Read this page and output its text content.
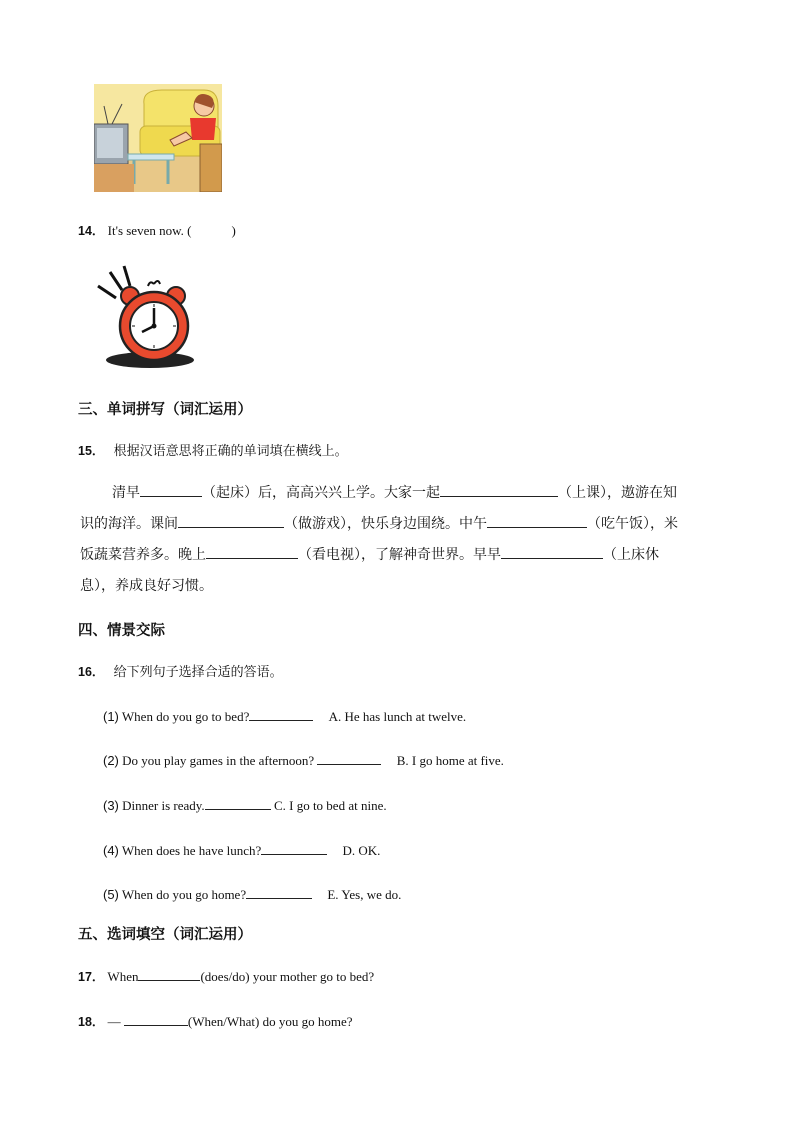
14． It's seven now. (	)
三、单词拼写（词汇运用）
15． 根据汉语意思将正确的单词填在横线上。
清早	（起床）后，高高兴兴上学。大家一起	（上课），遨游在知识的海洋。课间	（做游戏），快乐身边围绕。中午	（吃午饭），米饭蔬菜营养多。晚上	（看电视），了解神奇世界。早早	（上床休息），养成良好习惯。
四、情景交际
16． 给下列句子选择合适的答语。
(1) When do you go to bed?	A. He has lunch at twelve.
(2) Do you play games in the afternoon?	B. I go home at five.
(3) Dinner is ready.	C. I go to bed at nine.
(4) When does he have lunch?	D. OK.
(5) When do you go home?	E. Yes, we do.
五、选词填空（词汇运用）
17． When	(does/do) your mother go to bed?
18． —	(When/What) do you go home?
